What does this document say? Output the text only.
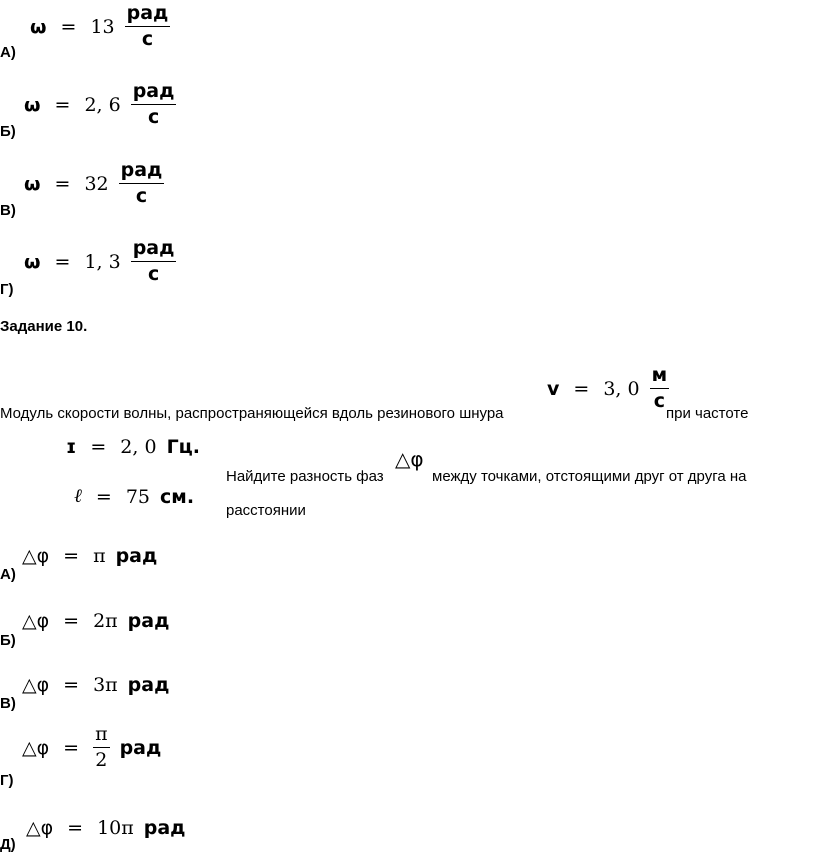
$\omega = 13 \frac{\text{рад}}{с}$
А)
ω = 2, $6 \frac{\text{рад}}{с}$
Б)
$\omega = 32 \frac{\text{рад}}{с}$
В)
ω = 1, $3 \frac{\text{рад}}{с}$
Г)
Задание 10.
v = 3, $0 \frac{м}{с}$
Модуль скорости волны, распространяющейся вдоль резинового шнура	при частоте
ɪ = 2, 0 Гц.
ℓ = 75 см.
Найдите разность фаз
△φ
между точками, отстоящими друг от друга на
расстоянии
△φ = π рад
А)
△φ = 2π рад
Б)
△φ = 3π рад
В)
△φ = $\frac{\pi}{2}$ рад
Г)
△φ = 10π рад
Д)
